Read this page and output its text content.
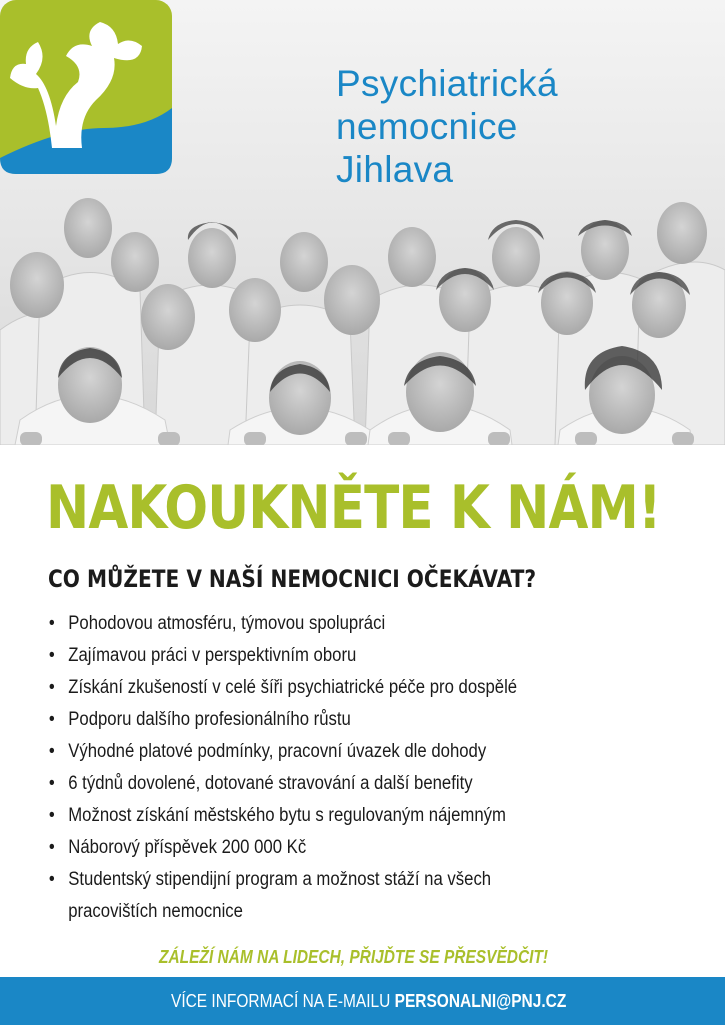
Psychiatrická
nemocnice
Jihlava
NAKOUKNĚTE K NÁM!
CO MŮŽETE V NAŠÍ NEMOCNICI OČEKÁVAT?
• Pohodovou atmosféru, týmovou spolupráci
• Zajímavou práci v perspektivním oboru
• Získání zkušeností v celé šíři psychiatrické péče pro dospělé
• Podporu dalšího profesionálního růstu
• Výhodné platové podmínky, pracovní úvazek dle dohody
• 6 týdnů dovolené, dotované stravování a další benefity
• Možnost získání městského bytu s regulovaným nájemným
• Náborový příspěvek 200 000 Kč
• Studentský stipendijní program a možnost stáží na všech
pracovištích nemocnice
ZÁLEŽÍ NÁM NA LIDECH, PŘIJĎTE SE PŘESVĚDČIT!
VÍCE INFORMACÍ NA E-MAILU PERSONALNI@PNJ.CZ
